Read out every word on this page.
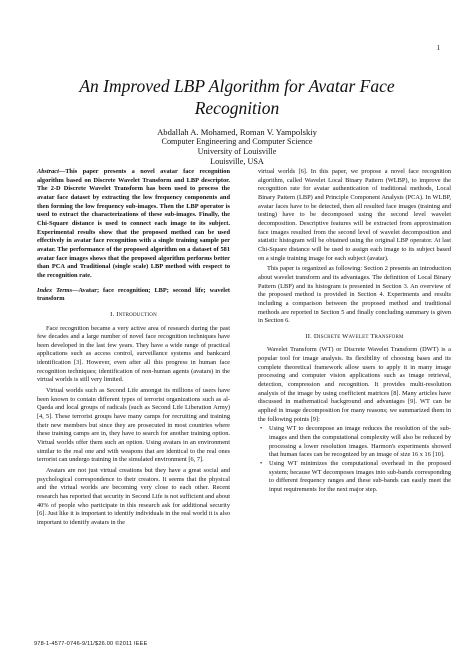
1
An Improved LBP Algorithm for Avatar Face Recognition
Abdallah A. Mohamed, Roman V. Yampolskiy
Computer Engineering and Computer Science
University of Louisville
Louisville, USA

Abstract—This paper presents a novel avatar face recognition algorithm based on Discrete Wavelet Transform and LBP descriptor. The 2-D Discrete Wavelet Transform has been used to process the avatar face dataset by extracting the low frequency components and then forming the low frequency sub-images. Then the LBP operator is used to extract the characterizations of these sub-images. Finally, the Chi-Square distance is used to connect each image to its subject. Experimental results show that the proposed method can be used effectively in avatar face recognition with a single training sample per avatar. The performance of the proposed algorithm on a dataset of 581 avatar face images shows that the proposed algorithm performs better than PCA and Traditional (single scale) LBP method with respect to the recognition rate.

Index Terms—Avatar; face recognition; LBP; second life; wavelet transform

I. Introduction

Face recognition became a very active area of research during the past few decades and a large number of novel face recognition techniques have been developed in the last few years. They have a wide range of practical applications such as access control, surveillance systems and bankcard identification [3]. However, even after all this progress in human face recognition techniques; identification of non-human agents (avatars) in the virtual worlds is still very limited.

Virtual worlds such as Second Life amongst its millions of users have been known to contain different types of terrorist organizations such as al-Qaeda and local groups of radicals (such as Second Life Liberation Army) [4, 5]. These terrorist groups have many camps for recruiting and training their new members but since they are prosecuted in most countries where these training camps are in, they have to search for another training option. Virtual worlds offer them such an option. Using avatars in an environment similar to the real one and with weapons that are identical to the real ones terrorist can undergo training in the simulated environment [6, 7].

Avatars are not just virtual creations but they have a great social and psychological correspondence to their creators. It seems that the physical and the virtual worlds are becoming very close to each other. Recent research has reported that security in Second Life is not sufficient and about 40% of people who participate in this research ask for additional security [6]. Just like it is important to identify individuals in the real world it is also important to identify avatars in the

virtual worlds [6]. In this paper, we propose a novel face recognition algorithm, called Wavelet Local Binary Pattern (WLBP), to improve the recognition rate for avatar authentication of traditional methods, Local Binary Pattern (LBP) and Principle Component Analysis (PCA). In WLBP, avatar faces have to be detected, then all resulted face images (training and testing) have to be decomposed using the second level wavelet decomposition. Descriptive features will be extracted from approximation face images resulted from the second level of wavelet decomposition and statistic histogram will be obtained using the original LBP operator. At last Chi-Square distance will be used to assign each image to its subject based on a single training image for each subject (avatar).

This paper is organized as following: Section 2 presents an introduction about wavelet transform and its advantages. The definition of Local Binary Pattern (LBP) and its histogram is presented in Section 3. An overview of the proposed method is provided in Section 4. Experiments and results including a comparison between the proposed method and traditional methods are reported in Section 5 and finally concluding summary is given in Section 6.

II. Discrete Wavelet Transform

Wavelet Transform (WT) or Discrete Wavelet Transform (DWT) is a popular tool for image analysis. Its flexibility of choosing bases and its complete theoretical framework allow users to apply it in many image processing and computer vision applications such as image retrieval, detection, compression and recognition. It provides multi-resolution analysis of the image by using coefficient matrices [8]. Many articles have discussed in mathematical background and advantages [9]. WT can be applied in image decomposition for many reasons; we summarized them in the following points [9]:

• Using WT to decompose an image reduces the resolution of the sub-images and then the computational complexity will also be reduced by processing a lower resolution images. Harmon's experiments showed that human faces can be recognized by an image of size 16 x 16 [10].
• Using WT minimizes the computational overhead in the proposed system; because WT decomposes images into sub-bands corresponding to different frequency ranges and these sub-bands can easily meet the input requirements for the next major step.
978-1-4577-0746-9/11/$26.00 ©2011 IEEE
